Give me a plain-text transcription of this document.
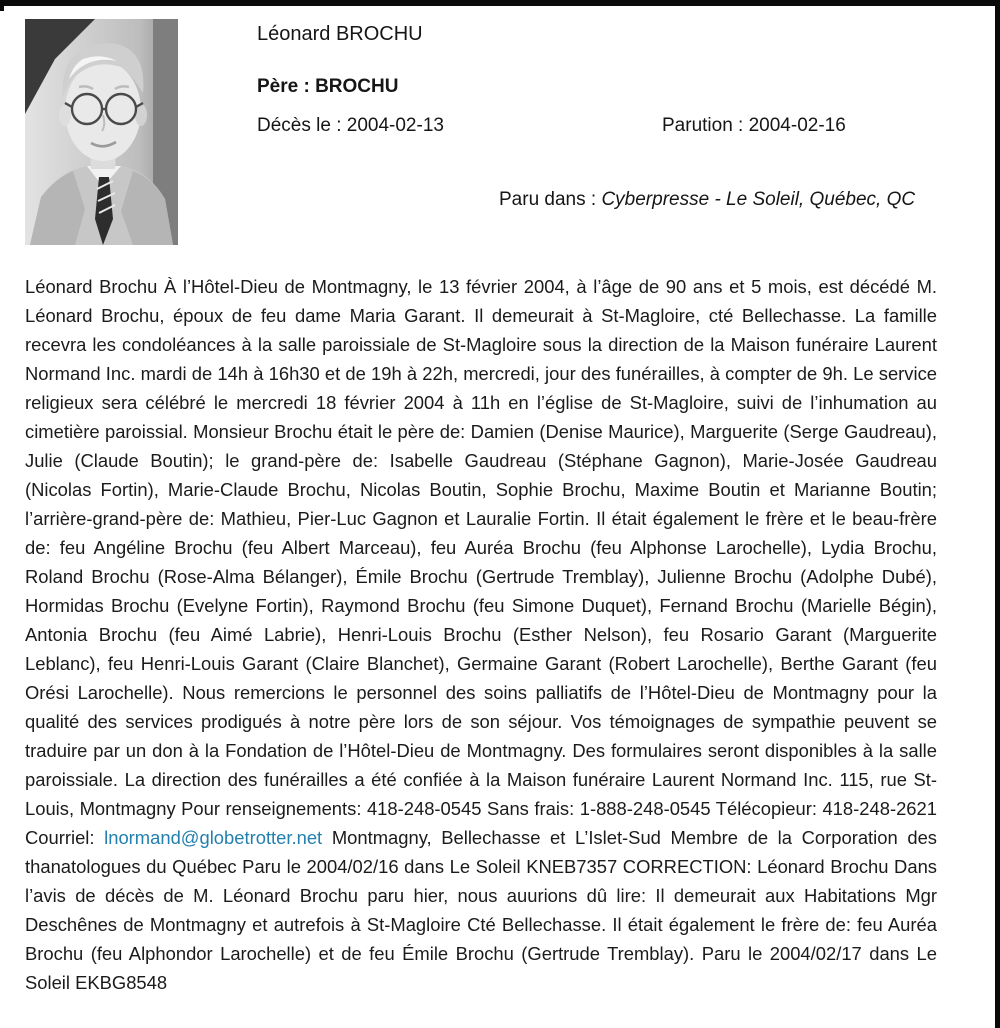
Léonard BROCHU
Père : BROCHU
Décès le : 2004-02-13	Parution : 2004-02-16
Paru dans : Cyberpresse - Le Soleil, Québec, QC

Léonard Brochu À l’Hôtel-Dieu de Montmagny, le 13 février 2004, à l’âge de 90 ans et 5 mois, est décédé M. Léonard Brochu, époux de feu dame Maria Garant. Il demeurait à St-Magloire, cté Bellechasse. La famille recevra les condoléances à la salle paroissiale de St-Magloire sous la direction de la Maison funéraire Laurent Normand Inc. mardi de 14h à 16h30 et de 19h à 22h, mercredi, jour des funérailles, à compter de 9h. Le service religieux sera célébré le mercredi 18 février 2004 à 11h en l’église de St-Magloire, suivi de l’inhumation au cimetière paroissial. Monsieur Brochu était le père de: Damien (Denise Maurice), Marguerite (Serge Gaudreau), Julie (Claude Boutin); le grand-père de: Isabelle Gaudreau (Stéphane Gagnon), Marie-Josée Gaudreau (Nicolas Fortin), Marie-Claude Brochu, Nicolas Boutin, Sophie Brochu, Maxime Boutin et Marianne Boutin; l’arrière-grand-père de: Mathieu, Pier-Luc Gagnon et Lauralie Fortin. Il était également le frère et le beau-frère de: feu Angéline Brochu (feu Albert Marceau), feu Auréa Brochu (feu Alphonse Larochelle), Lydia Brochu, Roland Brochu (Rose-Alma Bélanger), Émile Brochu (Gertrude Tremblay), Julienne Brochu (Adolphe Dubé), Hormidas Brochu (Evelyne Fortin), Raymond Brochu (feu Simone Duquet), Fernand Brochu (Marielle Bégin), Antonia Brochu (feu Aimé Labrie), Henri-Louis Brochu (Esther Nelson), feu Rosario Garant (Marguerite Leblanc), feu Henri-Louis Garant (Claire Blanchet), Germaine Garant (Robert Larochelle), Berthe Garant (feu Orési Larochelle). Nous remercions le personnel des soins palliatifs de l’Hôtel-Dieu de Montmagny pour la qualité des services prodigués à notre père lors de son séjour. Vos témoignages de sympathie peuvent se traduire par un don à la Fondation de l’Hôtel-Dieu de Montmagny. Des formulaires seront disponibles à la salle paroissiale. La direction des funérailles a été confiée à la Maison funéraire Laurent Normand Inc. 115, rue St-Louis, Montmagny Pour renseignements: 418-248-0545 Sans frais: 1-888-248-0545 Télécopieur: 418-248-2621 Courriel: lnormand@globetrotter.net Montmagny, Bellechasse et L’Islet-Sud Membre de la Corporation des thanatologues du Québec Paru le 2004/02/16 dans Le Soleil KNEB7357 CORRECTION: Léonard Brochu Dans l’avis de décès de M. Léonard Brochu paru hier, nous auurions dû lire: Il demeurait aux Habitations Mgr Deschênes de Montmagny et autrefois à St-Magloire Cté Bellechasse. Il était également le frère de: feu Auréa Brochu (feu Alphondor Larochelle) et de feu Émile Brochu (Gertrude Tremblay). Paru le 2004/02/17 dans Le Soleil EKBG8548
